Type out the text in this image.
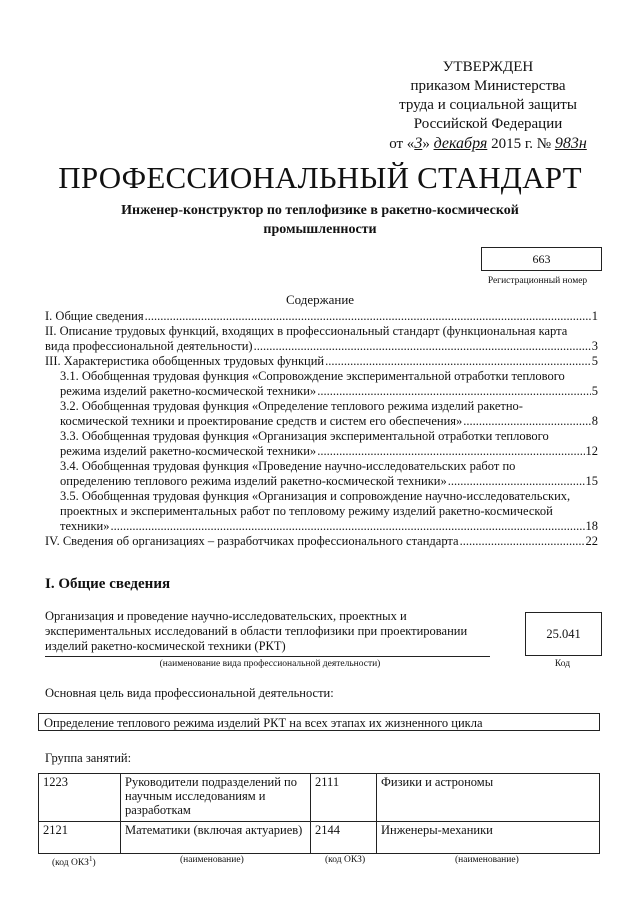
УТВЕРЖДЕН
приказом Министерства
труда и социальной защиты
Российской Федерации
от «3» декабря 2015 г. № 983н
ПРОФЕССИОНАЛЬНЫЙ СТАНДАРТ
Инженер-конструктор по теплофизике в ракетно-космической промышленности
663
Регистрационный номер
Содержание
I. Общие сведения .....	1
II. Описание трудовых функций, входящих в профессиональный стандарт (функциональная карта
вида профессиональной деятельности) .....	3
III. Характеристика обобщенных трудовых функций .....	5
3.1. Обобщенная трудовая функция «Сопровождение экспериментальной отработки теплового
режима изделий ракетно-космической техники» .....	5
3.2. Обобщенная трудовая функция «Определение теплового режима изделий ракетно-
космической техники и проектирование средств и систем его обеспечения» .....	8
3.3. Обобщенная трудовая функция «Организация экспериментальной отработки теплового
режима изделий ракетно-космической техники» .....	12
3.4. Обобщенная трудовая функция «Проведение научно-исследовательских работ по
определению теплового режима изделий ракетно-космической техники» .....	15
3.5. Обобщенная трудовая функция «Организация и сопровождение научно-исследовательских,
проектных и экспериментальных работ по тепловому режиму изделий ракетно-космической
техники» .....	18
IV. Сведения об организациях – разработчиках профессионального стандарта .....	22
I. Общие сведения
Организация и проведение научно-исследовательских, проектных и экспериментальных исследований в области теплофизики при проектировании изделий ракетно-космической техники (РКТ)
(наименование вида профессиональной деятельности)
25.041
Код
Основная цель вида профессиональной деятельности:
Определение теплового режима изделий РКТ на всех этапах их жизненного цикла
Группа занятий:
1223	Руководители подразделений по научным исследованиям и разработкам	2111	Физики и астрономы
2121	Математики (включая актуариев)	2144	Инженеры-механики
(код ОКЗ$^1$)	(наименование)	(код ОКЗ)	(наименование)
